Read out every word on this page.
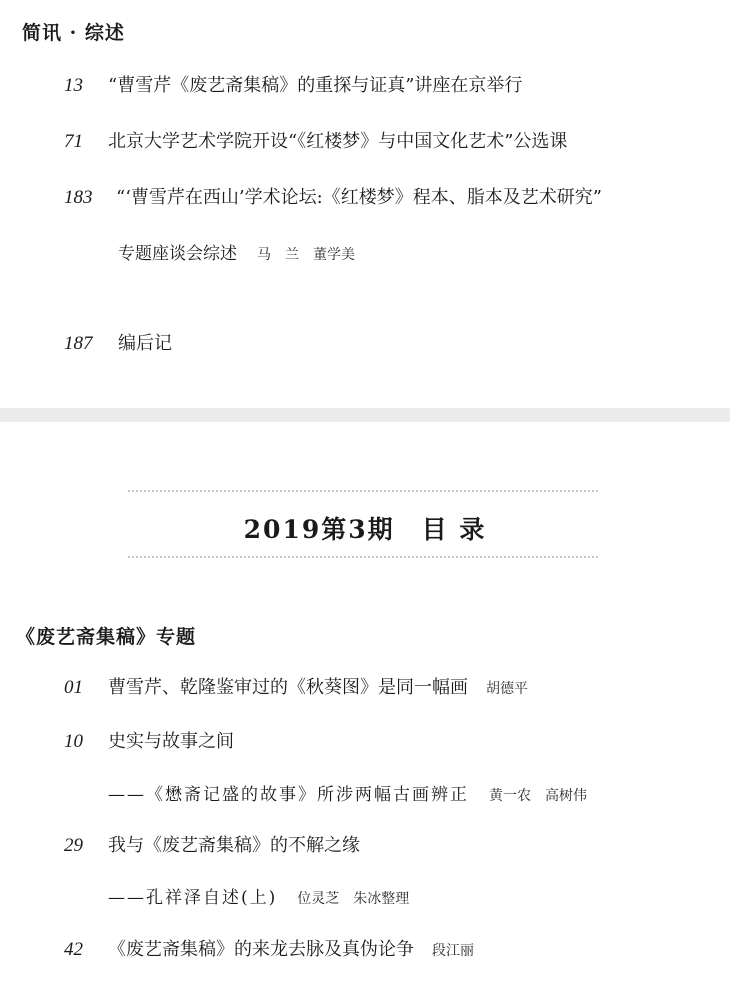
简讯 · 综述
13 “曹雪芹《废艺斋集稿》的重探与证真”讲座在京举行
71 北京大学艺术学院开设“《红楼梦》与中国文化艺术”公选课
183 “‘曹雪芹在西山’学术论坛:《红楼梦》程本、脂本及艺术研究”
专题座谈会综述 马　兰　董学美
187 编后记
2019第3期　目 录
《废艺斋集稿》专题
01 曹雪芹、乾隆鉴审过的《秋葵图》是同一幅画 胡德平
10 史实与故事之间
——《懋斋记盛的故事》所涉两幅古画辨正 黄一农　高树伟
29 我与《废艺斋集稿》的不解之缘
——孔祥泽自述(上) 位灵芝　朱冰整理
42 《废艺斋集稿》的来龙去脉及真伪论争 段江丽
